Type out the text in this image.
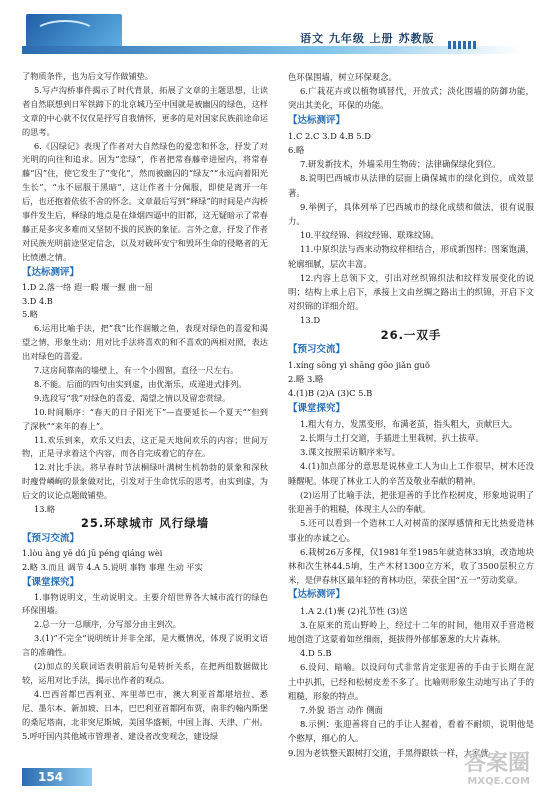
语文 九年级 上册 苏教版

了物质条件，也为后文写作做铺垫。

5.写卢沟桥事件揭示了时代背景，拓展了文章的主题思想，让读者自然联想到日军铁蹄下的北京城乃至中国就是被幽囚的绿色，这样文章的中心就不仅仅是抒写自我情怀，更多的是对国家民族前途命运的思考。

6.《囚绿记》表现了作者对大自然绿色的爱恋和怀念，抒发了对光明的向往和追求。因为“恋绿”，作者把常春藤牵进屋内，将常春藤“囚”住，使它发生了“变化”，然而被幽囚的“绿友”“永远向着阳光生长”，“永不屈服于黑暗”，这让作者十分佩服，即使是离开一年后，也还抱着依依不舍的怀念。文章最后写到“释绿”的时间是卢沟桥事件发生后，释绿的地点是在烽烟四逼中的旧都，这无疑暗示了常春藤正是多灾多难而又坚韧不拔的民族的象征。言外之意，抒发了作者对民族光明前途坚定信念，以及对破坏安宁和毁坏生命的侵略者的无比愤懑之情。

【达标测评】

1.D 2.落一络 遐一暇 堰一揠 曲一屈

3.D 4.B

5.略

6.运用比喻手法，把“我”比作涸辙之鱼，表现对绿色的喜爱和渴望之情，形象生动；用对比手法将喜欢的和不喜欢的两相对照，表达出对绿色的喜爱。

7.这房间靠南的墙壁上，有一个小圆窗，直径一尺左右。

8.不能。后面的四句由实到虚，由优渐乐，成递进式排列。

9.选段写“我”对绿色的喜爱、渴望之情以及留恋赏绿。

10.时间顺序：“春天的日子阳光下”—直要延长—个夏天”“但到了深秋”“来年的春上”。

11.欢乐到来，欢乐又归去，这正是天地间欢乐的内容；世间万物，正是寻求着这个内容，而各自完成着它的存在。

12.对比手法。将早春时节法桐绿叶满树生机勃勃的景象和深秋时瘦骨嶙峋的景象做对比，引发对于生命忧乐的思考，由实到虚，为后文的议论点题做铺垫。

13.略

25.环球城市 风行绿墙

【预习交流】

1.lòu àng yē dú jū péng qiáng wèi

2.略 3.而且 调节 4.A 5.说明 事物 事理 生动 平实

【课堂探究】

1.事物说明文，生动说明文。主要介绍世界各大城市流行的绿色环保围墙。

2.总一分一总顺序，分写部分由主到次。

3.(1)“不完全”说明统计并非全部，是大概情况，体现了说明文语言的准确性。

(2)加点的关联词语表明前后句是转折关系，在把两组数据做比较，运用对比手法，揭示出作者的观点。

4.巴西首都巴西利亚、库里蒂巴市，澳大利亚首都堪培拉、悉尼、墨尔本、新加坡、日本，巴巴利亚首都阿布贾，南非约翰内斯堡的桑尼塔南，北非突尼斯城，美国华盛顿，中国上海、天津、广州。

5.呼吁国内其他城市管理者、建设者改变观念，建设绿

色环保围墙，树立环保观念。

6.广栽花卉或以植物填替代，开放式；淡化围墙的防御功能，突出其美化，环保的功能。

【达标测评】

1.C 2.C 3.D 4.B 5.D

6.略

7.研发新技术，外墙采用生物砖；法律确保绿化到位。

8.说明巴西城市从法律的层面上确保城市的绿化到位，成效显著。

9.举例子，具体列举了巴西城市的绿化成绩和做法，很有说服力。

10.平纹经锦、斜纹经锦、联珠纹锦。

11.中原织法与西来动物纹样相结合，形成新图样；图案饱满，轮廓细腻，层次丰富。

12.内容上总领下文，引出对丝织锦织法和纹样发展变化的说明；结构上承上启下，承接上文由丝绸之路出土的织锦，开启下文对织锦的详细介绍。

13.D

26.一双手

【预习交流】

1.xíng sōng yì shāng gōo jiǎn guǒ

2.略 3.略

4.(1)B (2)A (3)C 5.B

【课堂探究】

1.粗大有力，发黑变形，布满老茧，指头粗大，贡献巨大。

2.长期与土打交道，手插进土里栽树，扒土拔草。

3.课文按照采访顺序来写。

4.(1)加点部分的意思是说林业工人为山上工作很早，树木还没睡醒呢。体现了林业工人的辛苦及敬业奉献的精神。

(2)运用了比喻手法，把张迎善的手比作松树皮，形象地说明了张迎善手的粗糙，体现主人公的奉献。

5.还可以看到一个造林工人对树苗的深厚感情和无比热爱造林事业的赤诚之心。

6.栽树26万多棵，仅1981年至1985年就造林33垧，改造地块林和次生林44.5垧，生产木材1300立方米，收了3500层积立方米，是伊春林区最年轻的育林功臣，荣获全国“五一”劳动奖章。

【达标测评】

1.A 2.(1)裹 (2)礼节性 (3)送

3.在原来的荒山野岭上，经过十二年的时间，他用双手营造极地创造了这蒙着如丝细雨，挺拔得外郁郁葱葱的大片森林。

4.D 5.B

6.设问、暗喻。以设问句式非常肯定张迎善的手由于长期在泥土中扒抓，已经和松树皮差不多了。比喻则形象生动地写出了手的粗糙，形象的特点。

7.外貌 语言 动作 侧面

8.示例：张迎善将自己的手让人握着，看着不耐烦，说明他是个憨厚，细心的人。

9.因为老铁整天跟树打交道，手黑得跟铁一样，大家就

154
答案圈
MXQE.COM
